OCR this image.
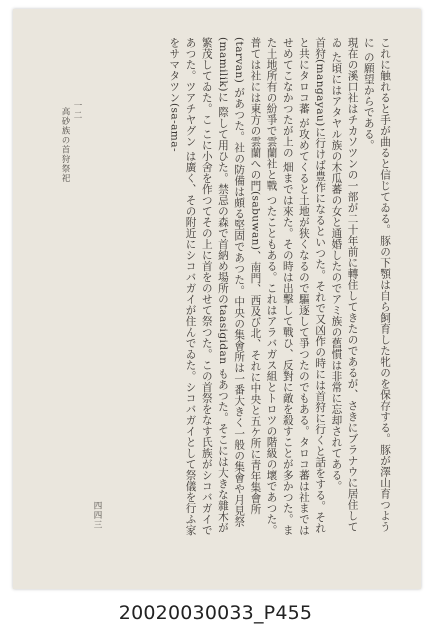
これに触れると手が曲ると信じてゐる。豚の下顎は自ら飼育した牝のを保存する。豚が澤山育つように の願望からである。

現在の溪口社はチカソツンの一部が二十年前に轉住してきたのであるが、さきにブラナウに居住してゐ た頃にはアタヤル族の木瓜蕃の女と通婚したのでアミ族の舊慣は非常に忘却されてある。

首狩(mangayau)に行けば豊作になるといつた。それで又凶作の時には首狩に行くと話をする。それと共にタロコ蕃 が攻めてくると土地が狭くなるので驅逐して爭つたのでもある。タロコ蕃は社まではせめてこなかつたが上の 畑までは來た。その時は出擊して戰ひ、反對に敵を殺すことが多かつた。また土地所有の紛爭で雲蘭社と戰 つたこともある。これはアラバガス組とトロツの階級の壞であつた。

普ては社には東方の雲蘭への門(sabuwan)、南門、西及び北、それに中央と五ケ所に青年集會所(tarvan) があつた。社の防備は頗る堅固であつた。中央の集會所は一番大きく一般の集會や月見祭(mamilik)に 際して用ひた。禁忌の森で首納め場所のtaasigidan もあつた。そこには大きな雜木が繁茂してゐた。こ こに小舍を作つてその上に首をのせて祭つた。この首祭をなす氏族がシコバガイであつた。ツアチヤグン は廣く、その附近にシコバガイが住んでゐた。シコバガイとして祭儀を行ふ家をサマタツン(sa-ama-

一二
高砂族の首狩祭祀
四四三
20020030033_P455
